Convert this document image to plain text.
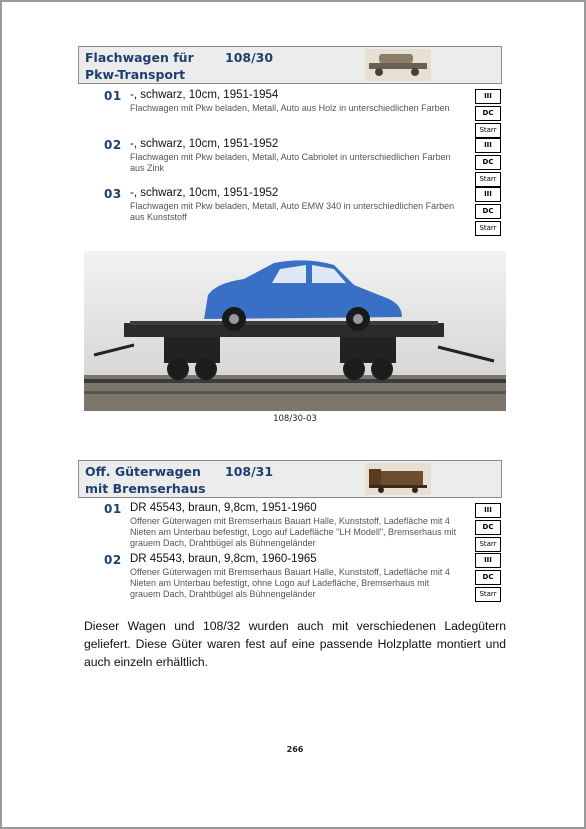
Flachwagen für
Pkw-Transport
108/30
01 -, schwarz, 10cm, 1951-1954
Flachwagen mit Pkw beladen, Metall, Auto aus Holz in unterschiedlichen Farben
III
DC
Starr
02 -, schwarz, 10cm, 1951-1952
Flachwagen mit Pkw beladen, Metall, Auto Cabriolet in unterschiedlichen Farben aus Zink
III
DC
Starr
03 -, schwarz, 10cm, 1951-1952
Flachwagen mit Pkw beladen, Metall, Auto EMW 340 in unterschiedlichen Farben aus Kunststoff
III
DC
Starr
108/30-03
Off. Güterwagen
mit Bremserhaus
108/31
01 DR 45543, braun, 9,8cm, 1951-1960
Offener Güterwagen mit Bremserhaus Bauart Halle, Kunststoff, Ladefläche mit 4 Nieten am Unterbau befestigt, Logo auf Ladefläche "LH Modell", Bremserhaus mit grauem Dach, Drahtbügel als Bühnengeländer
III
DC
Starr
02 DR 45543, braun, 9,8cm, 1960-1965
Offener Güterwagen mit Bremserhaus Bauart Halle, Kunststoff, Ladefläche mit 4 Nieten am Unterbau befestigt, ohne Logo auf Ladefläche, Bremserhaus mit grauem Dach, Drahtbügel als Bühnengeländer
III
DC
Starr
Dieser Wagen und 108/32 wurden auch mit verschiedenen Ladegütern geliefert. Diese Güter waren fest auf eine passende Holzplatte montiert und auch einzeln erhältlich.
266
